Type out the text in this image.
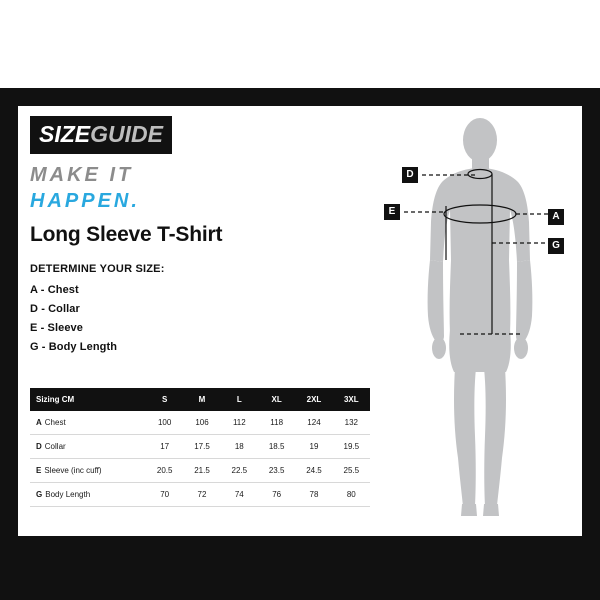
SIZEGUIDE
MAKE IT
HAPPEN.
Long Sleeve T-Shirt
DETERMINE YOUR SIZE:
A - Chest
D - Collar
E - Sleeve
G - Body Length
Sizing CM	S	M	L	XL	2XL	3XL
A Chest	100	106	112	118	124	132
D Collar	17	17.5	18	18.5	19	19.5
E Sleeve (inc cuff)	20.5	21.5	22.5	23.5	24.5	25.5
G Body Length	70	72	74	76	78	80
D
E	A
G
